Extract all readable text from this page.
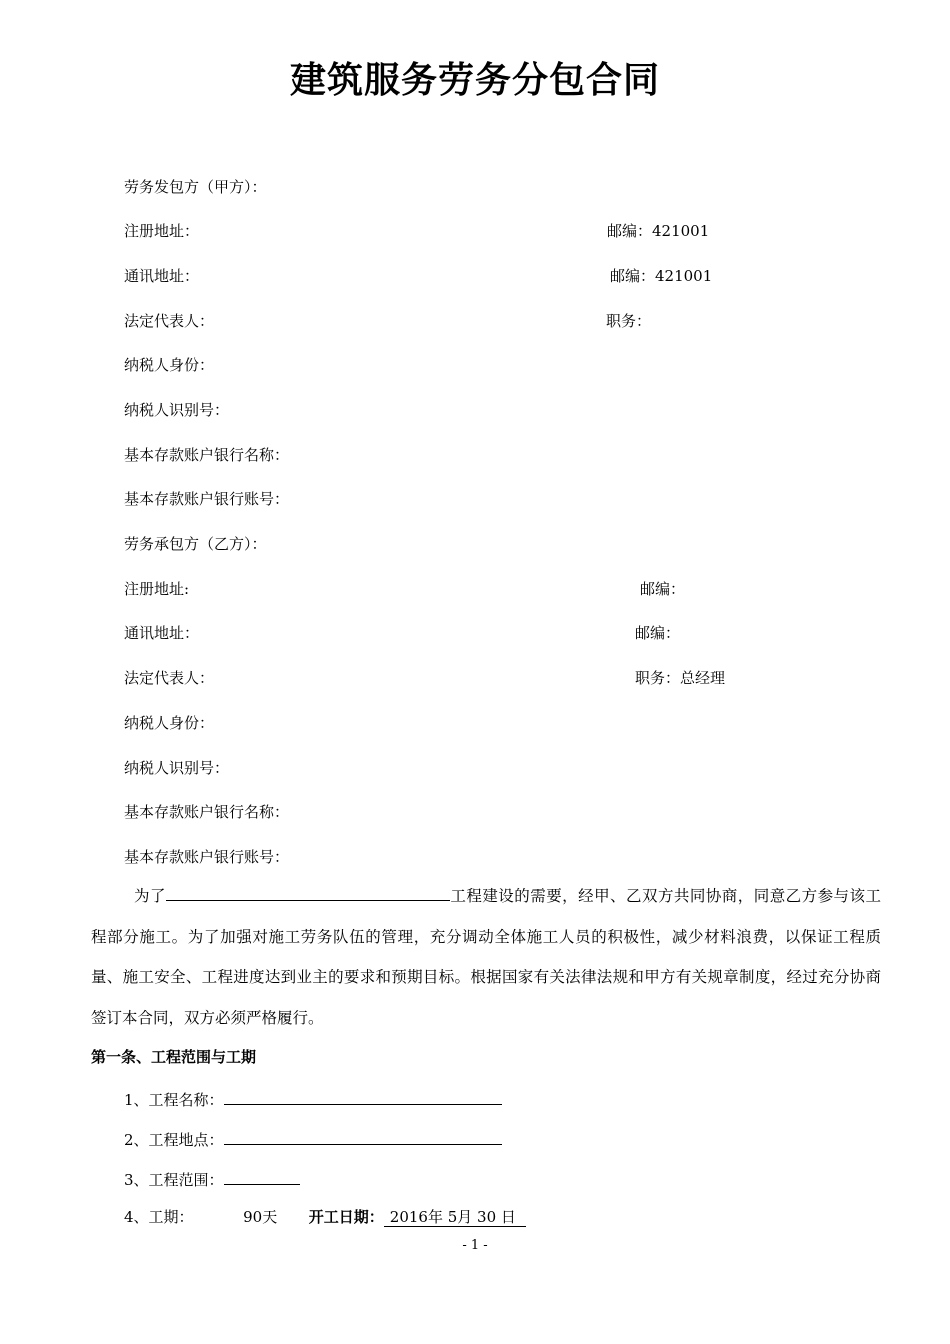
建筑服务劳务分包合同
劳务发包方（甲方）：
注册地址：	邮编：421001
通讯地址：	邮编：421001
法定代表人：	职务：
纳税人身份：
纳税人识别号：
基本存款账户银行名称：
基本存款账户银行账号：
劳务承包方（乙方）：
注册地址:	邮编：
通讯地址：	邮编：
法定代表人：	职务：总经理
纳税人身份：
纳税人识别号：
基本存款账户银行名称：
基本存款账户银行账号：

为了	工程建设的需要，经甲、乙双方共同协商，同意乙方参与该工程部分施工。为了加强对施工劳务队伍的管理，充分调动全体施工人员的积极性，减少材料浪费，以保证工程质量、施工安全、工程进度达到业主的要求和预期目标。根据国家有关法律法规和甲方有关规章制度，经过充分协商签订本合同，双方必须严格履行。

第一条、工程范围与工期
1、工程名称：
2、工程地点：
3、工程范围：
4、工期：	90天 开工日期： 2016年 5月 30 日
- 1 -
